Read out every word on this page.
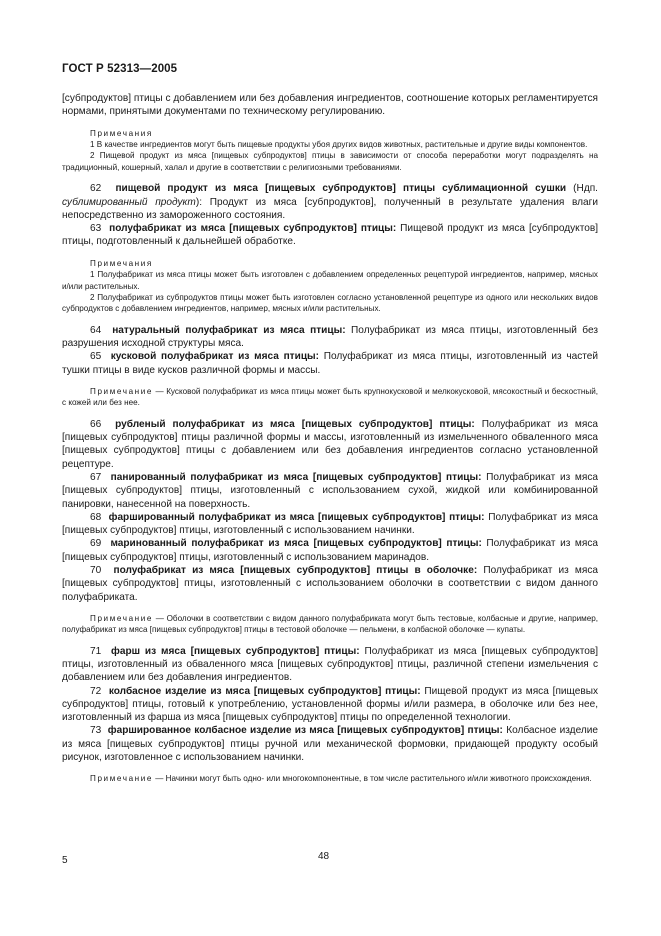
ГОСТ Р 52313—2005

[субпродуктов] птицы с добавлением или без добавления ингредиентов, соотношение которых регламентируется нормами, принятыми документами по техническому регулированию.

Примечания

1 В качестве ингредиентов могут быть пищевые продукты убоя других видов животных, растительные и другие виды компонентов.

2 Пищевой продукт из мяса [пищевых субпродуктов] птицы в зависимости от способа переработки могут подразделять на традиционный, кошерный, халал и другие в соответствии с религиозными требованиями.

62 пищевой продукт из мяса [пищевых субпродуктов] птицы сублимационной сушки (Ндп. сублимированный продукт): Продукт из мяса [субпродуктов], полученный в результате удаления влаги непосредственно из замороженного состояния.

63 полуфабрикат из мяса [пищевых субпродуктов] птицы: Пищевой продукт из мяса [субпродуктов] птицы, подготовленный к дальнейшей обработке.

Примечания

1 Полуфабрикат из мяса птицы может быть изготовлен с добавлением определенных рецептурой ингредиентов, например, мясных и/или растительных.

2 Полуфабрикат из субпродуктов птицы может быть изготовлен согласно установленной рецептуре из одного или нескольких видов субпродуктов с добавлением ингредиентов, например, мясных и/или растительных.

64 натуральный полуфабрикат из мяса птицы: Полуфабрикат из мяса птицы, изготовленный без разрушения исходной структуры мяса.

65 кусковой полуфабрикат из мяса птицы: Полуфабрикат из мяса птицы, изготовленный из частей тушки птицы в виде кусков различной формы и массы.

Примечание — Кусковой полуфабрикат из мяса птицы может быть крупнокусковой и мелкокусковой, мясокостный и бескостный, с кожей или без нее.

66 рубленый полуфабрикат из мяса [пищевых субпродуктов] птицы: Полуфабрикат из мяса [пищевых субпродуктов] птицы различной формы и массы, изготовленный из измельченного обваленного мяса [пищевых субпродуктов] птицы с добавлением или без добавления ингредиентов согласно установленной рецептуре.

67 панированный полуфабрикат из мяса [пищевых субпродуктов] птицы: Полуфабрикат из мяса [пищевых субпродуктов] птицы, изготовленный с использованием сухой, жидкой или комбинированной панировки, нанесенной на поверхность.

68 фаршированный полуфабрикат из мяса [пищевых субпродуктов] птицы: Полуфабрикат из мяса [пищевых субпродуктов] птицы, изготовленный с использованием начинки.

69 маринованный полуфабрикат из мяса [пищевых субпродуктов] птицы: Полуфабрикат из мяса [пищевых субпродуктов] птицы, изготовленный с использованием маринадов.

70 полуфабрикат из мяса [пищевых субпродуктов] птицы в оболочке: Полуфабрикат из мяса [пищевых субпродуктов] птицы, изготовленный с использованием оболочки в соответствии с видом данного полуфабриката.

Примечание — Оболочки в соответствии с видом данного полуфабриката могут быть тестовые, колбасные и другие, например, полуфабрикат из мяса [пищевых субпродуктов] птицы в тестовой оболочке — пельмени, в колбасной оболочке — купаты.

71 фарш из мяса [пищевых субпродуктов] птицы: Полуфабрикат из мяса [пищевых субпродуктов] птицы, изготовленный из обваленного мяса [пищевых субпродуктов] птицы, различной степени измельчения с добавлением или без добавления ингредиентов.

72 колбасное изделие из мяса [пищевых субпродуктов] птицы: Пищевой продукт из мяса [пищевых субпродуктов] птицы, готовый к употреблению, установленной формы и/или размера, в оболочке или без нее, изготовленный из фарша из мяса [пищевых субпродуктов] птицы по определенной технологии.

73 фаршированное колбасное изделие из мяса [пищевых субпродуктов] птицы: Колбасное изделие из мяса [пищевых субпродуктов] птицы ручной или механической формовки, придающей продукту особый рисунок, изготовленное с использованием начинки.

Примечание — Начинки могут быть одно- или многокомпонентные, в том числе растительного и/или животного происхождения.

5	48
